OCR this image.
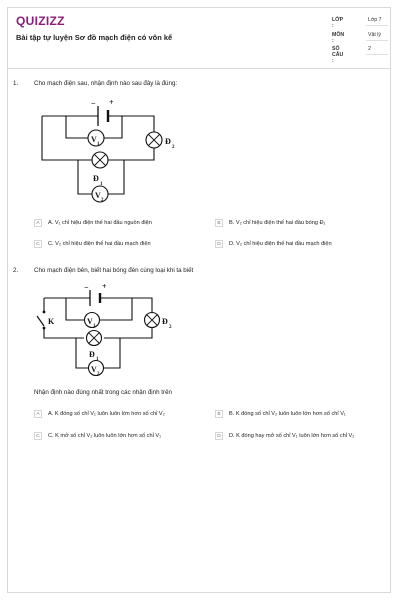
QUIZIZZ
Bài tập tự luyện Sơ đồ mạch điện có vôn kế
LỚP :
Lớp 7
MÔN :
Vật lý
SỐ CÂU :
2
1.	Cho mạch điện sau, nhận định nào sau đây là đúng:
− +
V
1	Đ
2
Đ
1
V
2
A	A. V₁ chỉ hiệu điện thế hai đầu nguồn điện	B	B. V₂ chỉ hiệu điện thế hai đầu bóng Đ₁
C	C. V₂ chỉ hiệu điện thế hai đầu mạch điện	D	D. V₂ chỉ hiệu điện thế hai đầu mạch điện
2.	Cho mạch điện bên, biết hai bóng đèn cùng loại khi ta biết
− +
K	V
1
Đ
2
Đ
1
V
2
Nhận định nào đúng nhất trong các nhận định trên
A	A. K đóng số chỉ V₁ luôn luôn lớn hơn số chỉ V₂	B	B. K đóng số chỉ V₂ luôn luôn lớn hơn số chỉ V₁
C	C. K mở số chỉ V₂ luôn luôn lớn hơn số chỉ V₁	D	D. K đóng hay mở số chỉ V₁ luôn lớn hơn số chỉ V₂
